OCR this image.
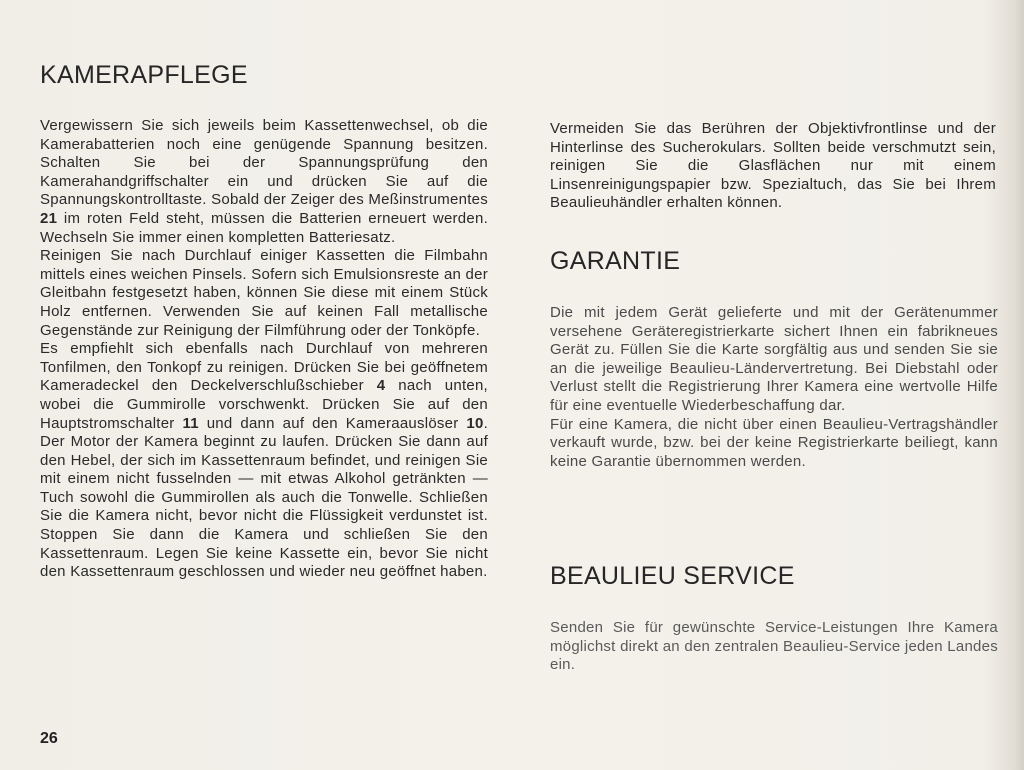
KAMERAPFLEGE

Vergewissern Sie sich jeweils beim Kassettenwechsel, ob die Kamerabatterien noch eine genügende Spannung besitzen. Schalten Sie bei der Spannungsprüfung den Kamerahandgriffschalter ein und drücken Sie auf die Spannungskontrolltaste. Sobald der Zeiger des Meßinstrumentes 21 im roten Feld steht, müssen die Batterien erneuert werden. Wechseln Sie immer einen kompletten Batteriesatz.

Reinigen Sie nach Durchlauf einiger Kassetten die Filmbahn mittels eines weichen Pinsels. Sofern sich Emulsionsreste an der Gleitbahn festgesetzt haben, können Sie diese mit einem Stück Holz entfernen. Verwenden Sie auf keinen Fall metallische Gegenstände zur Reinigung der Filmführung oder der Tonköpfe.

Es empfiehlt sich ebenfalls nach Durchlauf von mehreren Tonfilmen, den Tonkopf zu reinigen. Drücken Sie bei geöffnetem Kameradeckel den Deckelverschlußschieber 4 nach unten, wobei die Gummirolle vorschwenkt. Drücken Sie auf den Hauptstromschalter 11 und dann auf den Kameraauslöser 10. Der Motor der Kamera beginnt zu laufen. Drücken Sie dann auf den Hebel, der sich im Kassettenraum befindet, und reinigen Sie mit einem nicht fusselnden — mit etwas Alkohol getränkten — Tuch sowohl die Gummirollen als auch die Tonwelle. Schließen Sie die Kamera nicht, bevor nicht die Flüssigkeit verdunstet ist. Stoppen Sie dann die Kamera und schließen Sie den Kassettenraum. Legen Sie keine Kassette ein, bevor Sie nicht den Kassettenraum geschlossen und wieder neu geöffnet haben.

Vermeiden Sie das Berühren der Objektivfrontlinse und der Hinterlinse des Sucherokulars. Sollten beide verschmutzt sein, reinigen Sie die Glasflächen nur mit einem Linsenreinigungspapier bzw. Spezialtuch, das Sie bei Ihrem Beaulieuhändler erhalten können.

GARANTIE

Die mit jedem Gerät gelieferte und mit der Gerätenummer versehene Geräteregistrierkarte sichert Ihnen ein fabrikneues Gerät zu. Füllen Sie die Karte sorgfältig aus und senden Sie sie an die jeweilige Beaulieu-Ländervertretung. Bei Diebstahl oder Verlust stellt die Registrierung Ihrer Kamera eine wertvolle Hilfe für eine eventuelle Wiederbeschaffung dar.

Für eine Kamera, die nicht über einen Beaulieu-Vertragshändler verkauft wurde, bzw. bei der keine Registrierkarte beiliegt, kann keine Garantie übernommen werden.

BEAULIEU SERVICE

Senden Sie für gewünschte Service-Leistungen Ihre Kamera möglichst direkt an den zentralen Beaulieu-Service jeden Landes ein.

26
